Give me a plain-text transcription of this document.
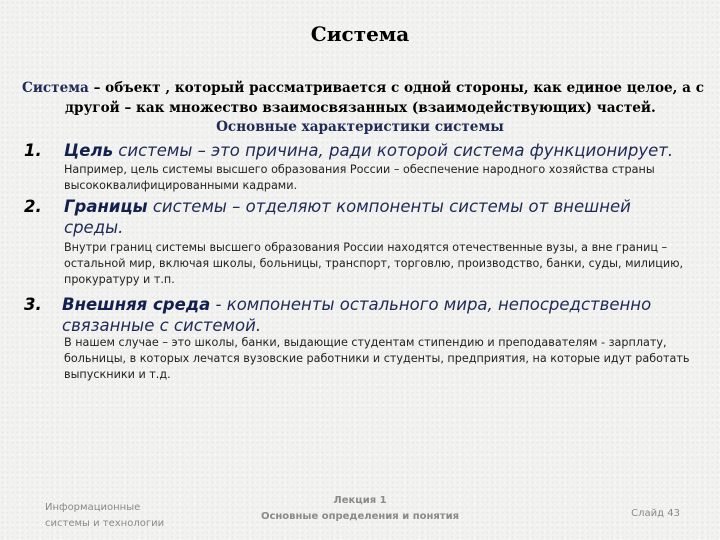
Система
Система – объект , который рассматривается с одной стороны, как единое целое, а с
другой – как множество взаимосвязанных (взаимодействующих) частей.
Основные характеристики системы
1. Цель системы – это причина, ради которой система функционирует.
Например, цель системы высшего образования России – обеспечение народного хозяйства страны высококвалифицированными кадрами.
2. Границы системы – отделяют компоненты системы от внешней среды.
Внутри границ системы высшего образования России находятся отечественные вузы, а вне границ – остальной мир, включая школы, больницы, транспорт, торговлю, производство, банки, суды, милицию, прокуратуру и т.п.
3. Внешняя среда - компоненты остального мира, непосредственно связанные с системой.
В нашем случае – это школы, банки, выдающие студентам стипендию и преподавателям - зарплату, больницы, в которых лечатся вузовские работники и студенты, предприятия, на которые идут работать выпускники и т.д.
Информационные
системы и технологии
Лекция 1
Основные определения и понятия	Слайд 43
